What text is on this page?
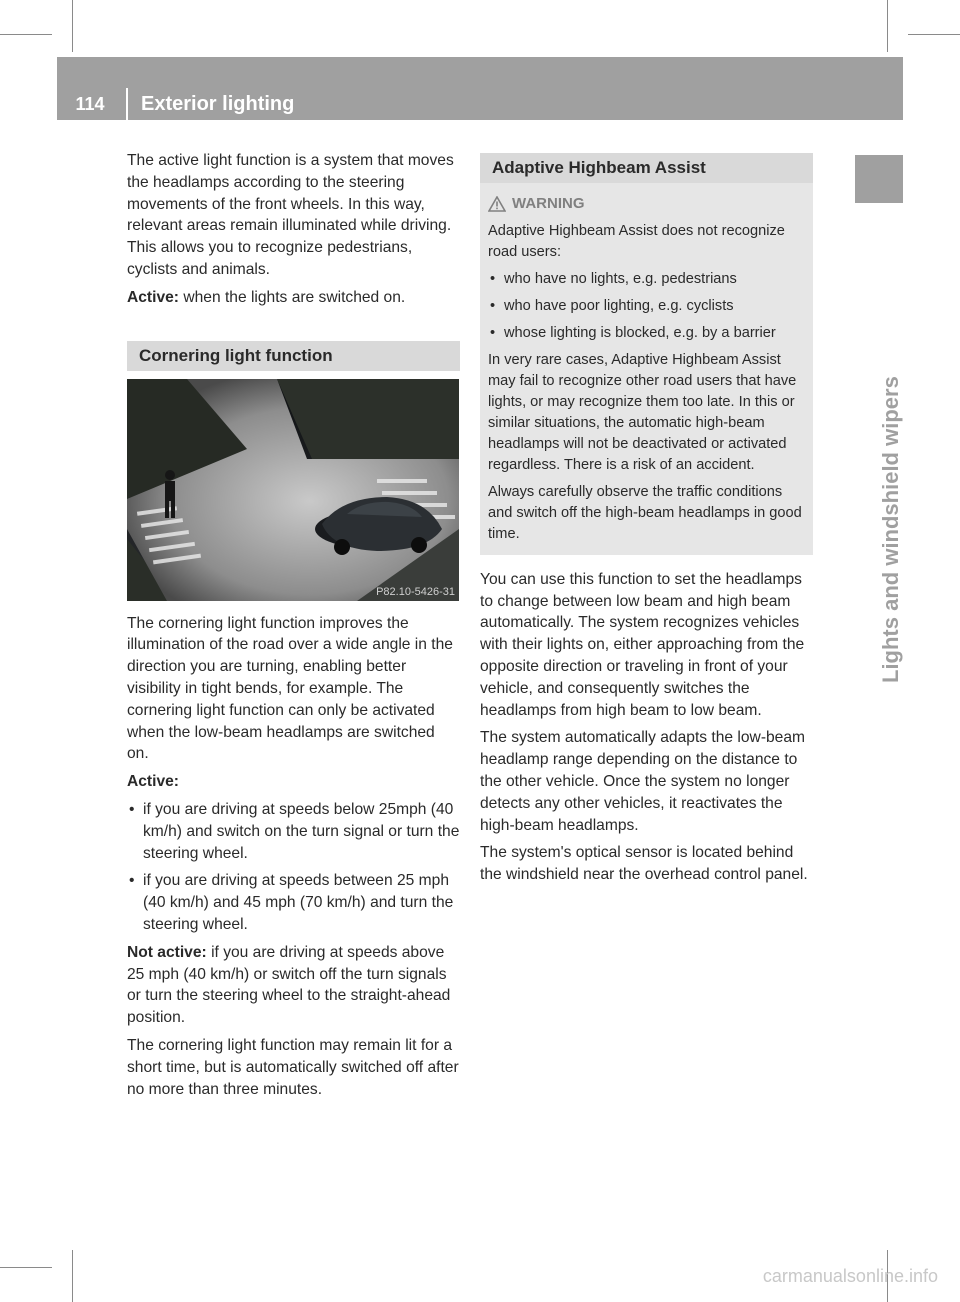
114	Exterior lighting
Lights and windshield wipers

The active light function is a system that moves the headlamps according to the steering movements of the front wheels. In this way, relevant areas remain illuminated while driving. This allows you to recognize pedestrians, cyclists and animals.

Active: when the lights are switched on.

Cornering light function
P82.10-5426-31

The cornering light function improves the illumination of the road over a wide angle in the direction you are turning, enabling better visibility in tight bends, for example. The cornering light function can only be activated when the low-beam headlamps are switched on.

Active:

• if you are driving at speeds below 25mph (40 km/h) and switch on the turn signal or turn the steering wheel.
• if you are driving at speeds between 25 mph (40 km/h) and 45 mph (70 km/h) and turn the steering wheel.

Not active: if you are driving at speeds above 25 mph (40 km/h) or switch off the turn signals or turn the steering wheel to the straight-ahead position.

The cornering light function may remain lit for a short time, but is automatically switched off after no more than three minutes.

Adaptive Highbeam Assist
WARNING

Adaptive Highbeam Assist does not recognize road users:

• who have no lights, e.g. pedestrians
• who have poor lighting, e.g. cyclists
• whose lighting is blocked, e.g. by a barrier

In very rare cases, Adaptive Highbeam Assist may fail to recognize other road users that have lights, or may recognize them too late. In this or similar situations, the automatic high-beam headlamps will not be deactivated or activated regardless. There is a risk of an accident.

Always carefully observe the traffic conditions and switch off the high-beam headlamps in good time.

You can use this function to set the headlamps to change between low beam and high beam automatically. The system recognizes vehicles with their lights on, either approaching from the opposite direction or traveling in front of your vehicle, and consequently switches the headlamps from high beam to low beam.

The system automatically adapts the low-beam headlamp range depending on the distance to the other vehicle. Once the system no longer detects any other vehicles, it reactivates the high-beam headlamps.

The system's optical sensor is located behind the windshield near the overhead control panel.

carmanualsonline.info
